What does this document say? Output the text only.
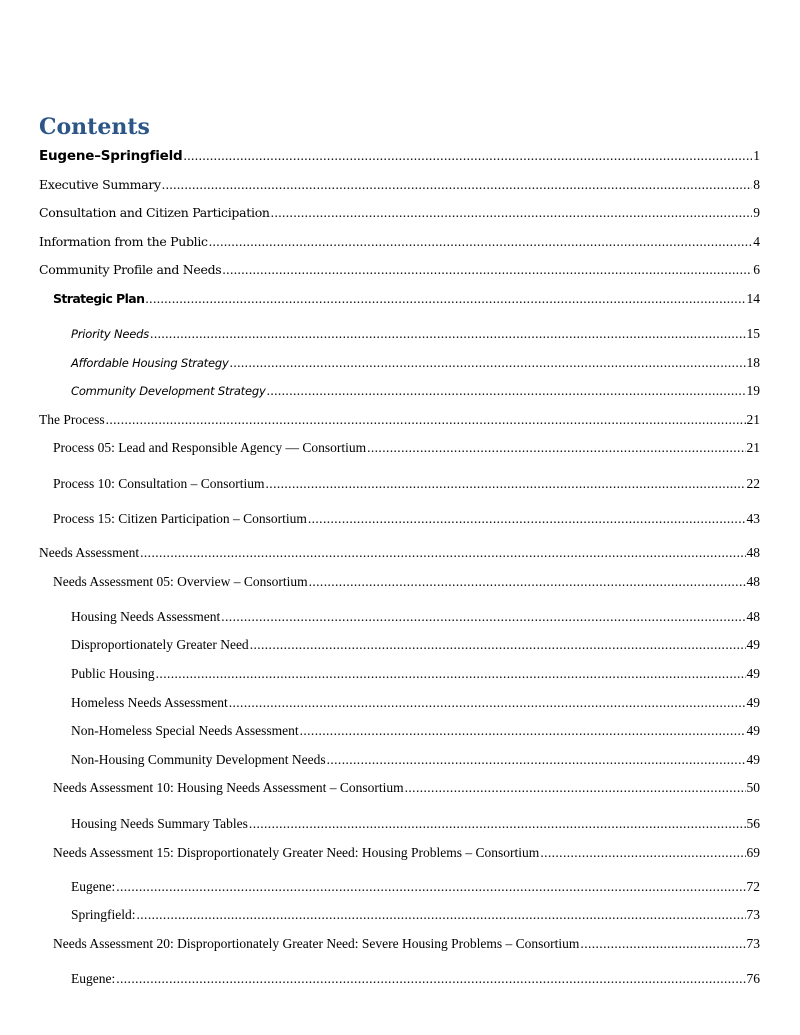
Contents
Eugene–Springfield .....	1
Executive Summary .....	8
Consultation and Citizen Participation .....	9
Information from the Public .....	4
Community Profile and Needs .....	6
Strategic Plan .....	14
Priority Needs .....	15
Affordable Housing Strategy .....	18
Community Development Strategy .....	19
The Process .....	21
Process 05: Lead and Responsible Agency — Consortium .....	21
Process 10: Consultation – Consortium .....	22
Process 15: Citizen Participation – Consortium .....	43
Needs Assessment .....	48
Needs Assessment 05: Overview – Consortium .....	48
Housing Needs Assessment .....	48
Disproportionately Greater Need .....	49
Public Housing .....	49
Homeless Needs Assessment .....	49
Non-Homeless Special Needs Assessment .....	49
Non-Housing Community Development Needs .....	49
Needs Assessment 10: Housing Needs Assessment – Consortium .....	50
Housing Needs Summary Tables .....	56
Needs Assessment 15: Disproportionately Greater Need: Housing Problems – Consortium .....	69
Eugene: .....	72
Springfield: .....	73
Needs Assessment 20: Disproportionately Greater Need: Severe Housing Problems – Consortium .....	73
Eugene: .....	76
